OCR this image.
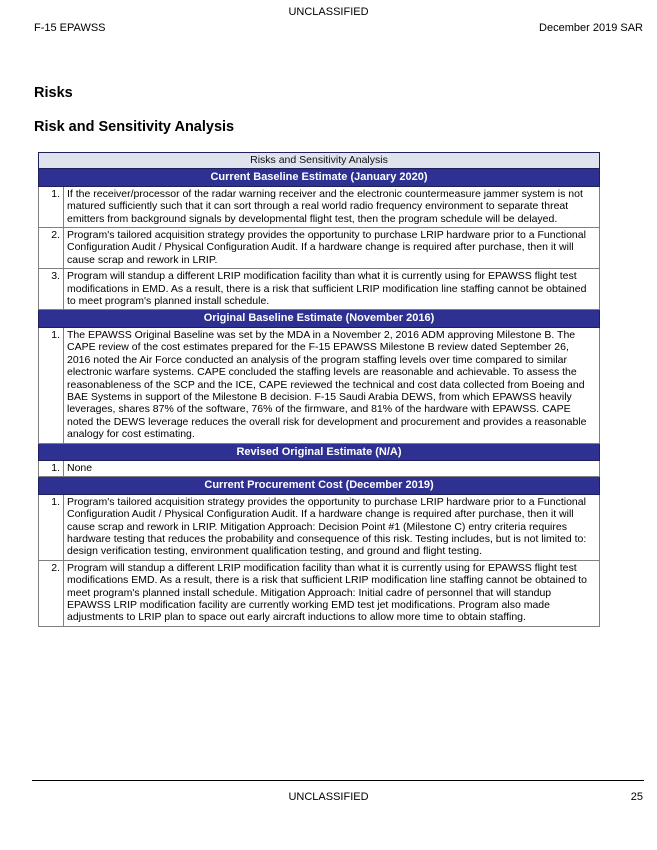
UNCLASSIFIED
F-15 EPAWSS	December 2019 SAR
Risks
Risk and Sensitivity Analysis
Risks and Sensitivity Analysis	
Current Baseline Estimate (January 2020)	
1.	If the receiver/processor of the radar warning receiver and the electronic countermeasure jammer system is not matured sufficiently such that it can sort through a real world radio frequency environment to separate threat emitters from background signals by developmental flight test, then the program schedule will be delayed.
2.	Program's tailored acquisition strategy provides the opportunity to purchase LRIP hardware prior to a Functional Configuration Audit / Physical Configuration Audit. If a hardware change is required after purchase, then it will cause scrap and rework in LRIP.
3.	Program will standup a different LRIP modification facility than what it is currently using for EPAWSS flight test modifications in EMD. As a result, there is a risk that sufficient LRIP modification line staffing cannot be obtained to meet program's planned install schedule.
Original Baseline Estimate (November 2016)	
1.	The EPAWSS Original Baseline was set by the MDA in a November 2, 2016 ADM approving Milestone B. The CAPE review of the cost estimates prepared for the F-15 EPAWSS Milestone B review dated September 26, 2016 noted the Air Force conducted an analysis of the program staffing levels over time compared to similar electronic warfare systems. CAPE concluded the staffing levels are reasonable and achievable. To assess the reasonableness of the SCP and the ICE, CAPE reviewed the technical and cost data collected from Boeing and BAE Systems in support of the Milestone B decision. F-15 Saudi Arabia DEWS, from which EPAWSS heavily leverages, shares 87% of the software, 76% of the firmware, and 81% of the hardware with EPAWSS. CAPE noted the DEWS leverage reduces the overall risk for development and procurement and provides a reasonable analogy for cost estimating.
Revised Original Estimate (N/A)	
1.	None
Current Procurement Cost (December 2019)	
1.	Program's tailored acquisition strategy provides the opportunity to purchase LRIP hardware prior to a Functional Configuration Audit / Physical Configuration Audit. If a hardware change is required after purchase, then it will cause scrap and rework in LRIP. Mitigation Approach: Decision Point #1 (Milestone C) entry criteria requires hardware testing that reduces the probability and consequence of this risk. Testing includes, but is not limited to: design verification testing, environment qualification testing, and ground and flight testing.
2.	Program will standup a different LRIP modification facility than what it is currently using for EPAWSS flight test modifications EMD. As a result, there is a risk that sufficient LRIP modification line staffing cannot be obtained to meet program's planned install schedule. Mitigation Approach: Initial cadre of personnel that will standup EPAWSS LRIP modification facility are currently working EMD test jet modifications. Program also made adjustments to LRIP plan to space out early aircraft inductions to allow more time to obtain staffing.
UNCLASSIFIED	25
